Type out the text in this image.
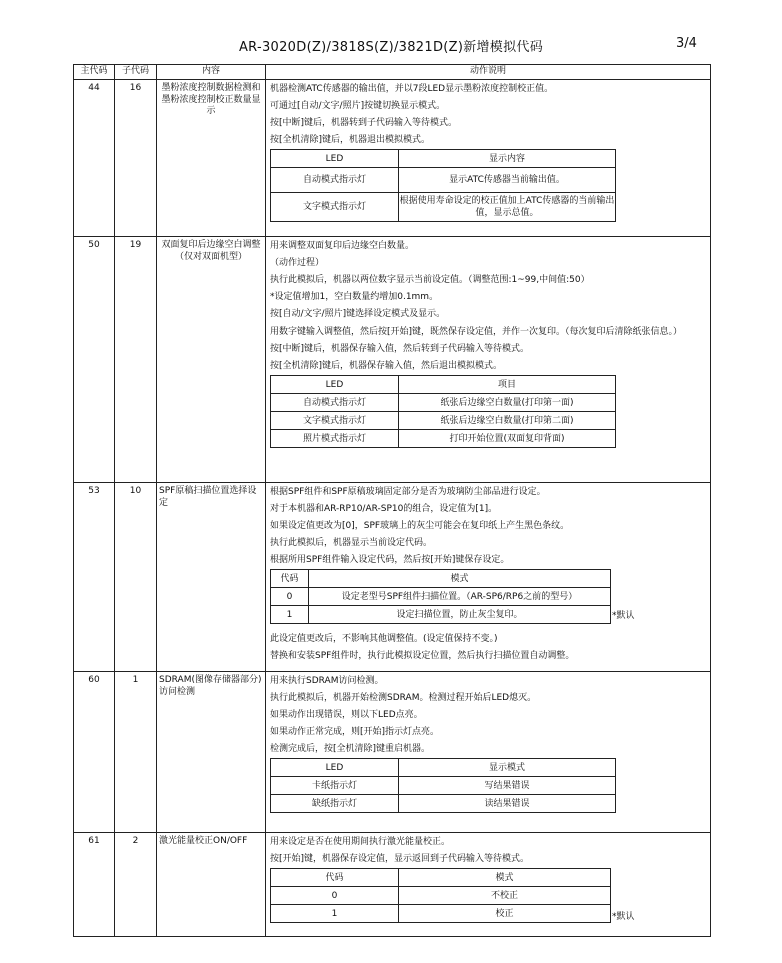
AR-3020D(Z)/3818S(Z)/3821D(Z)新增模拟代码	3/4
主代码	子代码	内容	动作说明
44	16	墨粉浓度控制数据检测和墨粉浓度控制校正数量显示	
机器检测ATC传感器的输出值，并以7段LED显示墨粉浓度控制校正值。
可通过[自动/文字/照片]按键切换显示模式。
按[中断]键后，机器转到子代码输入等待模式。
按[全机清除]键后，机器退出模拟模式。
LED	显示内容
自动模式指示灯	显示ATC传感器当前输出值。
文字模式指示灯	根据使用寿命设定的校正值加上ATC传感器的当前输出值，显示总值。

50	19	双面复印后边缘空白调整
（仅对双面机型）

用来调整双面复印后边缘空白数量。
（动作过程）
执行此模拟后，机器以两位数字显示当前设定值。（调整范围:1~99,中间值:50）
*设定值增加1，空白数量约增加0.1mm。
按[自动/文字/照片]键选择设定模式及显示。
用数字键输入调整值，然后按[开始]键，既然保存设定值，并作一次复印。（每次复印后清除纸张信息。）
按[中断]键后，机器保存输入值，然后转到子代码输入等待模式。
按[全机清除]键后，机器保存输入值，然后退出模拟模式。
LED	项目
自动模式指示灯	纸张后边缘空白数量(打印第一面)
文字模式指示灯	纸张后边缘空白数量(打印第二面)
照片模式指示灯	打印开始位置(双面复印背面)

53	10	SPF原稿扫描位置选择设定	
根据SPF组件和SPF原稿玻璃固定部分是否为玻璃防尘部品进行设定。
对于本机器和AR-RP10/AR-SP10的组合，设定值为[1]。
如果设定值更改为[0]，SPF玻璃上的灰尘可能会在复印纸上产生黑色条纹。
执行此模拟后，机器显示当前设定代码。
根据所用SPF组件输入设定代码，然后按[开始]键保存设定。
代码	模式
0	设定老型号SPF组件扫描位置。（AR-SP6/RP6之前的型号）
1	设定扫描位置，防止灰尘复印。	*默认
此设定值更改后，不影响其他调整值。(设定值保持不变。)
替换和安装SPF组件时，执行此模拟设定位置，然后执行扫描位置自动调整。

60	1	SDRAM(图像存储器部分)访问检测	
用来执行SDRAM访问检测。
执行此模拟后，机器开始检测SDRAM。检测过程开始后LED熄灭。
如果动作出现错误，则以下LED点亮。
如果动作正常完成，则[开始]指示灯点亮。
检测完成后，按[全机清除]键重启机器。
LED	显示模式
卡纸指示灯	写结果错误
缺纸指示灯	读结果错误

61	2	激光能量校正ON/OFF	用来设定是否在使用期间执行激光能量校正。
按[开始]键，机器保存设定值，显示返回到子代码输入等待模式。
代码	模式
0	不校正
1	校正	*默认
